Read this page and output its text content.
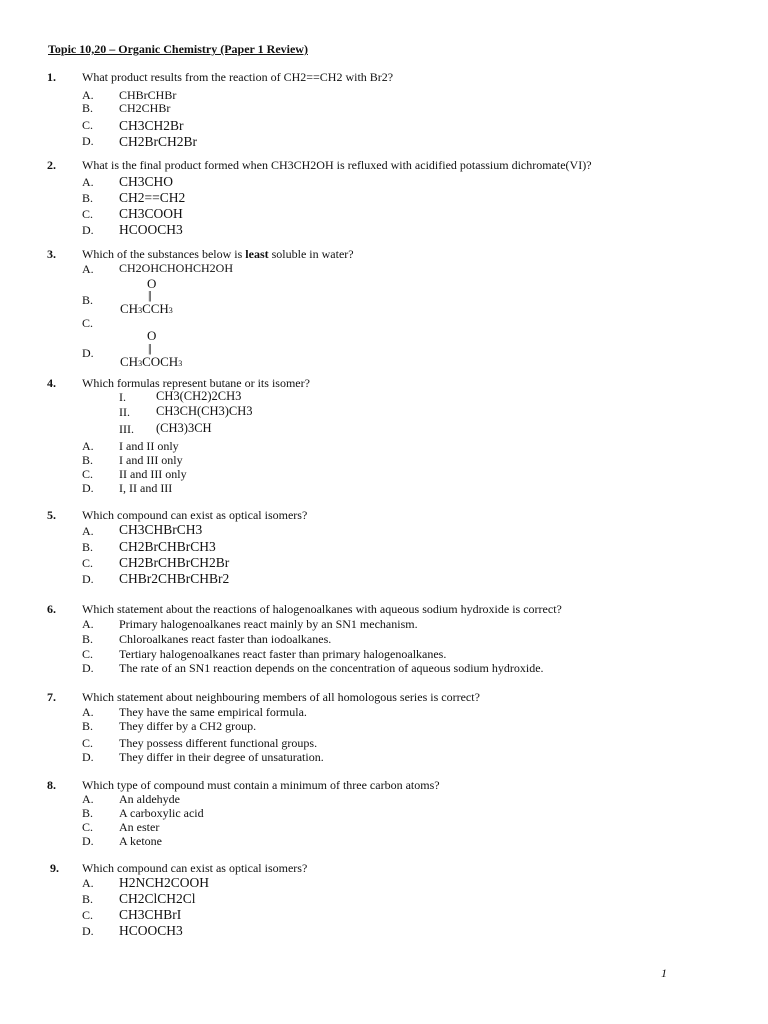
Topic 10,20 – Organic Chemistry (Paper 1 Review)
1. What product results from the reaction of CH2==CH2 with Br2?
A. CHBrCHBr
B. CH2CHBr
C. CH3CH2Br
D. CH2BrCH2Br
2. What is the final product formed when CH3CH2OH is refluxed with acidified potassium dichromate(VI)?
A. CH3CHO
B. CH2==CH2
C. CH3COOH
D. HCOOCH3
3. Which of the substances below is least soluble in water?
A. CH2OHCHOHCH2OH
B.
O
||
CH3CCH3
C.
D.
O
||
CH3COCH3
4. Which formulas represent butane or its isomer?
I. CH3(CH2)2CH3
II. CH3CH(CH3)CH3
III. (CH3)3CH
A. I and II only
B. I and III only
C. II and III only
D. I, II and III
5. Which compound can exist as optical isomers?
A. CH3CHBrCH3
B. CH2BrCHBrCH3
C. CH2BrCHBrCH2Br
D. CHBr2CHBrCHBr2
6. Which statement about the reactions of halogenoalkanes with aqueous sodium hydroxide is correct?
A. Primary halogenoalkanes react mainly by an SN1 mechanism.
B. Chloroalkanes react faster than iodoalkanes.
C. Tertiary halogenoalkanes react faster than primary halogenoalkanes.
D. The rate of an SN1 reaction depends on the concentration of aqueous sodium hydroxide.
7. Which statement about neighbouring members of all homologous series is correct?
A. They have the same empirical formula.
B. They differ by a CH2 group.
C. They possess different functional groups.
D. They differ in their degree of unsaturation.
8. Which type of compound must contain a minimum of three carbon atoms?
A. An aldehyde
B. A carboxylic acid
C. An ester
D. A ketone
9. Which compound can exist as optical isomers?
A. H2NCH2COOH
B. CH2ClCH2Cl
C. CH3CHBrI
D. HCOOCH3
1
